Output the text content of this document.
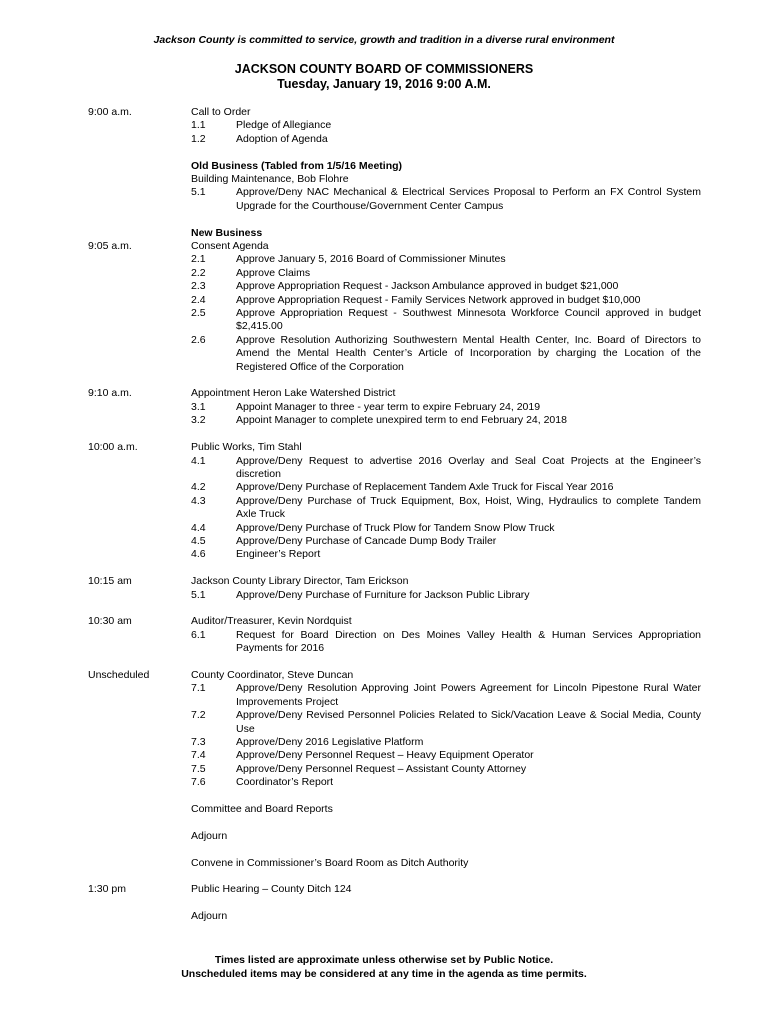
Jackson County is committed to service, growth and tradition in a diverse rural environment
JACKSON COUNTY BOARD OF COMMISSIONERS
Tuesday, January 19, 2016 9:00 A.M.
9:00 a.m.	Call to Order
1.1	Pledge of Allegiance
1.2	Adoption of Agenda
Old Business (Tabled from 1/5/16 Meeting)
Building Maintenance, Bob Flohre
5.1	Approve/Deny NAC Mechanical & Electrical Services Proposal to Perform an FX Control System Upgrade for the Courthouse/Government Center Campus
New Business
9:05 a.m.	Consent Agenda
2.1	Approve January 5, 2016 Board of Commissioner Minutes
2.2	Approve Claims
2.3	Approve Appropriation Request - Jackson Ambulance approved in budget $21,000
2.4	Approve Appropriation Request - Family Services Network approved in budget $10,000
2.5	Approve Appropriation Request - Southwest Minnesota Workforce Council approved in budget $2,415.00
2.6	Approve Resolution Authorizing Southwestern Mental Health Center, Inc. Board of Directors to Amend the Mental Health Center’s Article of Incorporation by charging the Location of the Registered Office of the Corporation
9:10 a.m.	Appointment Heron Lake Watershed District
3.1	Appoint Manager to three - year term to expire February 24, 2019
3.2	Appoint Manager to complete unexpired term to end February 24, 2018
10:00 a.m.	Public Works, Tim Stahl
4.1	Approve/Deny Request to advertise 2016 Overlay and Seal Coat Projects at the Engineer’s discretion
4.2	Approve/Deny Purchase of Replacement Tandem Axle Truck for Fiscal Year 2016
4.3	Approve/Deny Purchase of Truck Equipment, Box, Hoist, Wing, Hydraulics to complete Tandem Axle Truck
4.4	Approve/Deny Purchase of Truck Plow for Tandem Snow Plow Truck
4.5	Approve/Deny Purchase of Cancade Dump Body Trailer
4.6	Engineer’s Report
10:15 am	Jackson County Library Director, Tam Erickson
5.1	Approve/Deny Purchase of Furniture for Jackson Public Library
10:30 am	Auditor/Treasurer, Kevin Nordquist
6.1	Request for Board Direction on Des Moines Valley Health & Human Services Appropriation Payments for 2016
Unscheduled	County Coordinator, Steve Duncan
7.1	Approve/Deny Resolution Approving Joint Powers Agreement for Lincoln Pipestone Rural Water Improvements Project
7.2	Approve/Deny Revised Personnel Policies Related to Sick/Vacation Leave & Social Media, County Use
7.3	Approve/Deny 2016 Legislative Platform
7.4	Approve/Deny Personnel Request – Heavy Equipment Operator
7.5	Approve/Deny Personnel Request – Assistant County Attorney
7.6	Coordinator’s Report
Committee and Board Reports
Adjourn
Convene in Commissioner’s Board Room as Ditch Authority
1:30 pm	Public Hearing – County Ditch 124
Adjourn
Times listed are approximate unless otherwise set by Public Notice.
Unscheduled items may be considered at any time in the agenda as time permits.
